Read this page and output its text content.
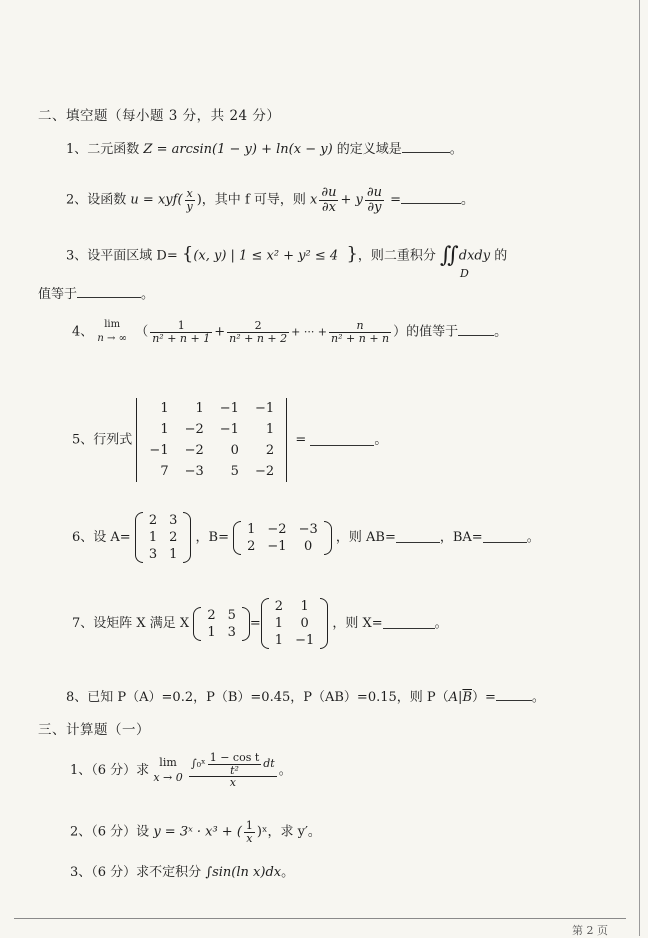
二、填空题（每小题 3 分，共 24 分）
1、二元函数 Z = arcsin(1 − y) + ln(x − y) 的定义域是	。
2、设函数 $u = xyf( \frac{x}{y}$ )，其中 f 可导，则 x $\frac{\partial u}{\partial x} + y \frac{\partial u}{\partial y}$ =	。
3、设平面区域 D= {(x, y) | 1 ≤ x² + y² ≤ 4 }，则二重积分 ∬dxdy 的
D
值等于	。
4、	lim
n → ∞ （ $\frac{1}{\text{n² + n + 1}} + \frac{2}{\text{n² + n + 2}}$ + ··· + $\frac{n}{\text{n² + n + n}}$ ）的值等于	。
5、行列式
1	1	−1	−1
1	−2	−1	1
−1	−2	0	2
7	−3	5	−2
=	。
6、设 A=
2	3
1	2
3	1
，B=
1	−2	−3
2	−1	0
，则 AB=	，BA=	。
7、设矩阵 X 满足 X
2	5
1	3
=
2	1
1	0
1	−1
，则 X=	。
8、已知 P（A）=0.2，P（B）=0.45，P（AB）=0.15，则 $P(A|\overline{B})=$	。
三、计算题（一）
1、（6 分）求
lim
x → 0
$\frac{\int_0ˣ \frac{\text{1 − cos t}}{\text{t²}} dt}{x}$ 。
2、（6 分）设 y = 3ˣ · x³ + ( $\frac{1}{x}$ )ˣ，求 y′。
3、（6 分）求不定积分 ∫sin(ln x)dx。
第 2 页
